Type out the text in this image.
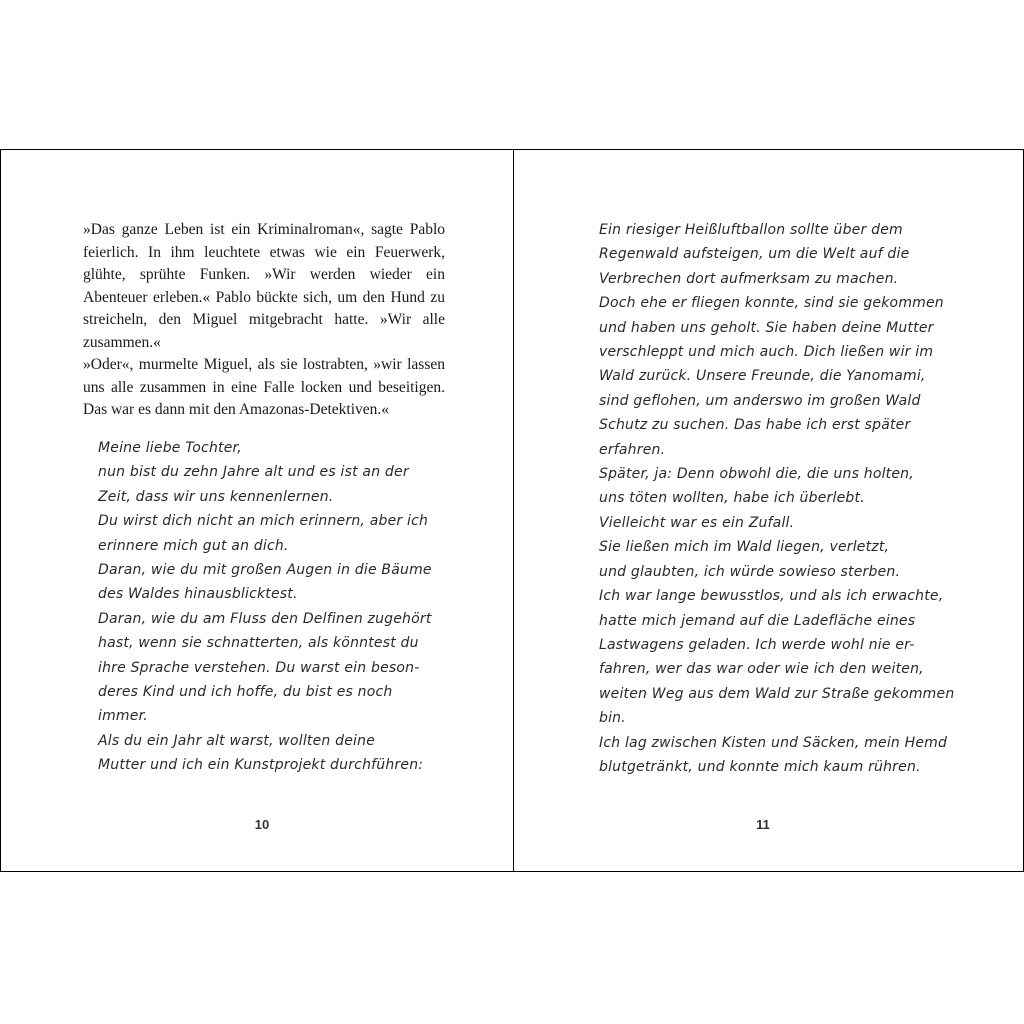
»Das ganze Leben ist ein Kriminalroman«, sagte Pablo feierlich. In ihm leuchtete etwas wie ein Feuerwerk, glühte, sprühte Funken. »Wir werden wieder ein Abenteuer erleben.« Pablo bückte sich, um den Hund zu streicheln, den Miguel mitgebracht hatte. »Wir alle zusammen.«

»Oder«, murmelte Miguel, als sie lostrabten, »wir lassen uns alle zusammen in eine Falle locken und beseitigen. Das war es dann mit den Amazonas-Detektiven.«

Meine liebe Tochter,
nun bist du zehn Jahre alt und es ist an der
Zeit, dass wir uns kennenlernen.
Du wirst dich nicht an mich erinnern, aber ich
erinnere mich gut an dich.
Daran, wie du mit großen Augen in die Bäume
des Waldes hinausblicktest.
Daran, wie du am Fluss den Delfinen zugehört
hast, wenn sie schnatterten, als könntest du
ihre Sprache verstehen. Du warst ein beson-
deres Kind und ich hoffe, du bist es noch
immer.
Als du ein Jahr alt warst, wollten deine
Mutter und ich ein Kunstprojekt durchführen:
10
Ein riesiger Heißluftballon sollte über dem
Regenwald aufsteigen, um die Welt auf die
Verbrechen dort aufmerksam zu machen.
Doch ehe er fliegen konnte, sind sie gekommen
und haben uns geholt. Sie haben deine Mutter
verschleppt und mich auch. Dich ließen wir im
Wald zurück. Unsere Freunde, die Yanomami,
sind geflohen, um anderswo im großen Wald
Schutz zu suchen. Das habe ich erst später
erfahren.
Später, ja: Denn obwohl die, die uns holten,
uns töten wollten, habe ich überlebt.
Vielleicht war es ein Zufall.
Sie ließen mich im Wald liegen, verletzt,
und glaubten, ich würde sowieso sterben.
Ich war lange bewusstlos, und als ich erwachte,
hatte mich jemand auf die Ladefläche eines
Lastwagens geladen. Ich werde wohl nie er-
fahren, wer das war oder wie ich den weiten,
weiten Weg aus dem Wald zur Straße gekommen
bin.
Ich lag zwischen Kisten und Säcken, mein Hemd
blutgetränkt, und konnte mich kaum rühren.
11
